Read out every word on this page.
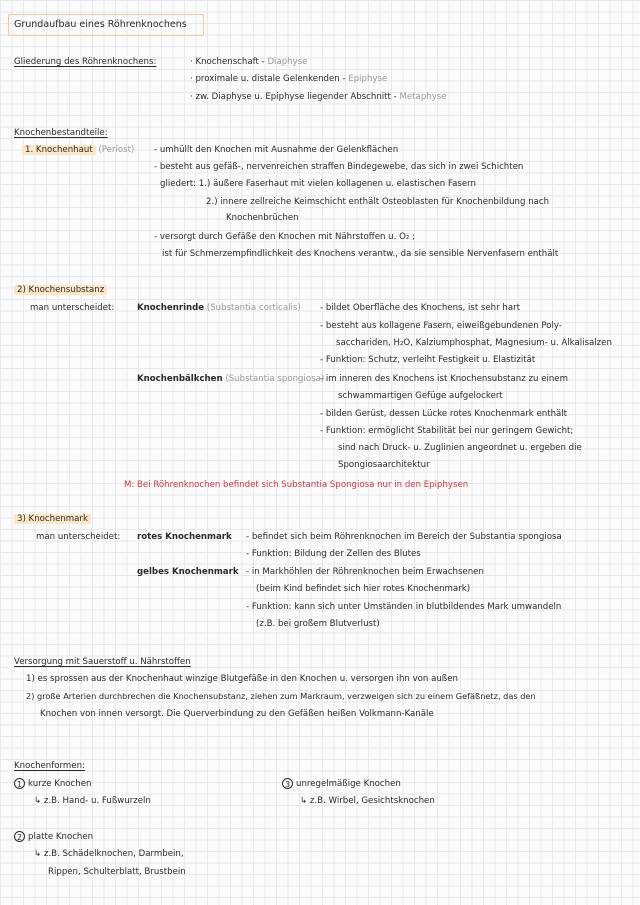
Grundaufbau eines Röhrenknochens
Gliederung des Röhrenknochens:	· Knochenschaft - Diaphyse
· proximale u. distale Gelenkenden - Epiphyse
· zw. Diaphyse u. Epiphyse liegender Abschnitt - Metaphyse
Knochenbestandteile:
1. Knochenhaut (Periost) - umhüllt den Knochen mit Ausnahme der Gelenkflächen
- besteht aus gefäß-, nervenreichen straffen Bindegewebe, das sich in zwei Schichten
gliedert: 1.) äußere Faserhaut mit vielen kollagenen u. elastischen Fasern
2.) innere zellreiche Keimschicht enthält Osteoblasten für Knochenbildung nach
Knochenbrüchen
- versorgt durch Gefäße den Knochen mit Nährstoffen u. O₂ ;
ist für Schmerzempfindlichkeit des Knochens verantw., da sie sensible Nervenfasern enthält
2) Knochensubstanz
man unterscheidet:	Knochenrinde (Substantia corticalis) - bildet Oberfläche des Knochens, ist sehr hart
- besteht aus kollagene Fasern, eiweißgebundenen Poly-
sacchariden, H₂O, Kalziumphosphat, Magnesium- u. Alkalisalzen
- Funktion: Schutz, verleiht Festigkeit u. Elastizität
Knochenbälkchen (Substantia spongiosa)
- im inneren des Knochens ist Knochensubstanz zu einem
schwammartigen Gefüge aufgelockert
- bilden Gerüst, dessen Lücke rotes Knochenmark enthält
- Funktion: ermöglicht Stabilität bei nur geringem Gewicht;
sind nach Druck- u. Zuglinien angeordnet u. ergeben die
Spongiosaarchitektur
M: Bei Röhrenknochen befindet sich Substantia Spongiosa nur in den Epiphysen
3) Knochenmark
man unterscheidet: rotes Knochenmark - befindet sich beim Röhrenknochen im Bereich der Substantia spongiosa
- Funktion: Bildung der Zellen des Blutes
gelbes Knochenmark - in Markhöhlen der Röhrenknochen beim Erwachsenen
(beim Kind befindet sich hier rotes Knochenmark)
- Funktion: kann sich unter Umständen in blutbildendes Mark umwandeln
(z.B. bei großem Blutverlust)
Versorgung mit Sauerstoff u. Nährstoffen
1) es sprossen aus der Knochenhaut winzige Blutgefäße in den Knochen u. versorgen ihn von außen
2) große Arterien durchbrechen die Knochensubstanz, ziehen zum Markraum, verzweigen sich zu einem Gefäßnetz, das den
Knochen von innen versorgt. Die Querverbindung zu den Gefäßen heißen Volkmann-Kanäle
Knochenformen:
1 kurze Knochen
↳ z.B. Hand- u. Fußwurzeln
3 unregelmäßige Knochen
↳ z.B. Wirbel, Gesichtsknochen
2 platte Knochen
↳ z.B. Schädelknochen, Darmbein,
Rippen, Schulterblatt, Brustbein
